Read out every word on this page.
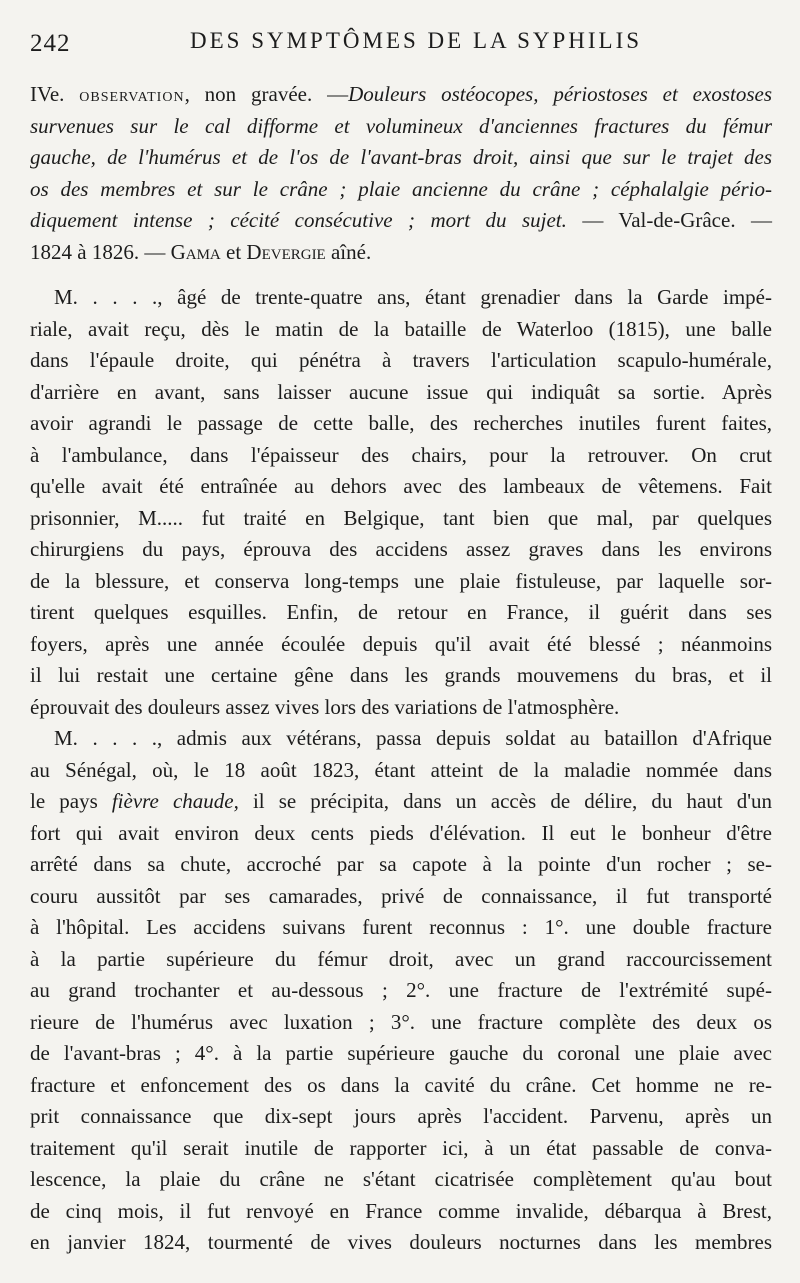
242	DES SYMPTÔMES DE LA SYPHILIS
IVe. OBSERVATION, non gravée. —Douleurs ostéocopes, périostoses et exostoses
survenues sur le cal difforme et volumineux d'anciennes fractures du fémur
gauche, de l'humérus et de l'os de l'avant-bras droit, ainsi que sur le trajet des
os des membres et sur le crâne ; plaie ancienne du crâne ; céphalalgie pério-
diquement intense ; cécité consécutive ; mort du sujet. — Val-de-Grâce. —
1824 à 1826. — Gama et Devergie aîné.
M. . . . ., âgé de trente-quatre ans, étant grenadier dans la Garde impé-
riale, avait reçu, dès le matin de la bataille de Waterloo (1815), une balle
dans l'épaule droite, qui pénétra à travers l'articulation scapulo-humérale,
d'arrière en avant, sans laisser aucune issue qui indiquât sa sortie. Après
avoir agrandi le passage de cette balle, des recherches inutiles furent faites,
à l'ambulance, dans l'épaisseur des chairs, pour la retrouver. On crut
qu'elle avait été entraînée au dehors avec des lambeaux de vêtemens. Fait
prisonnier, M..... fut traité en Belgique, tant bien que mal, par quelques
chirurgiens du pays, éprouva des accidens assez graves dans les environs
de la blessure, et conserva long-temps une plaie fistuleuse, par laquelle sor-
tirent quelques esquilles. Enfin, de retour en France, il guérit dans ses
foyers, après une année écoulée depuis qu'il avait été blessé ; néanmoins
il lui restait une certaine gêne dans les grands mouvemens du bras, et il
éprouvait des douleurs assez vives lors des variations de l'atmosphère.
M. . . . ., admis aux vétérans, passa depuis soldat au bataillon d'Afrique
au Sénégal, où, le 18 août 1823, étant atteint de la maladie nommée dans
le pays fièvre chaude, il se précipita, dans un accès de délire, du haut d'un
fort qui avait environ deux cents pieds d'élévation. Il eut le bonheur d'être
arrêté dans sa chute, accroché par sa capote à la pointe d'un rocher ; se-
couru aussitôt par ses camarades, privé de connaissance, il fut transporté
à l'hôpital. Les accidens suivans furent reconnus : 1°. une double fracture
à la partie supérieure du fémur droit, avec un grand raccourcissement
au grand trochanter et au-dessous ; 2°. une fracture de l'extrémité supé-
rieure de l'humérus avec luxation ; 3°. une fracture complète des deux os
de l'avant-bras ; 4°. à la partie supérieure gauche du coronal une plaie avec
fracture et enfoncement des os dans la cavité du crâne. Cet homme ne re-
prit connaissance que dix-sept jours après l'accident. Parvenu, après un
traitement qu'il serait inutile de rapporter ici, à un état passable de conva-
lescence, la plaie du crâne ne s'étant cicatrisée complètement qu'au bout
de cinq mois, il fut renvoyé en France comme invalide, débarqua à Brest,
en janvier 1824, tourmenté de vives douleurs nocturnes dans les membres
